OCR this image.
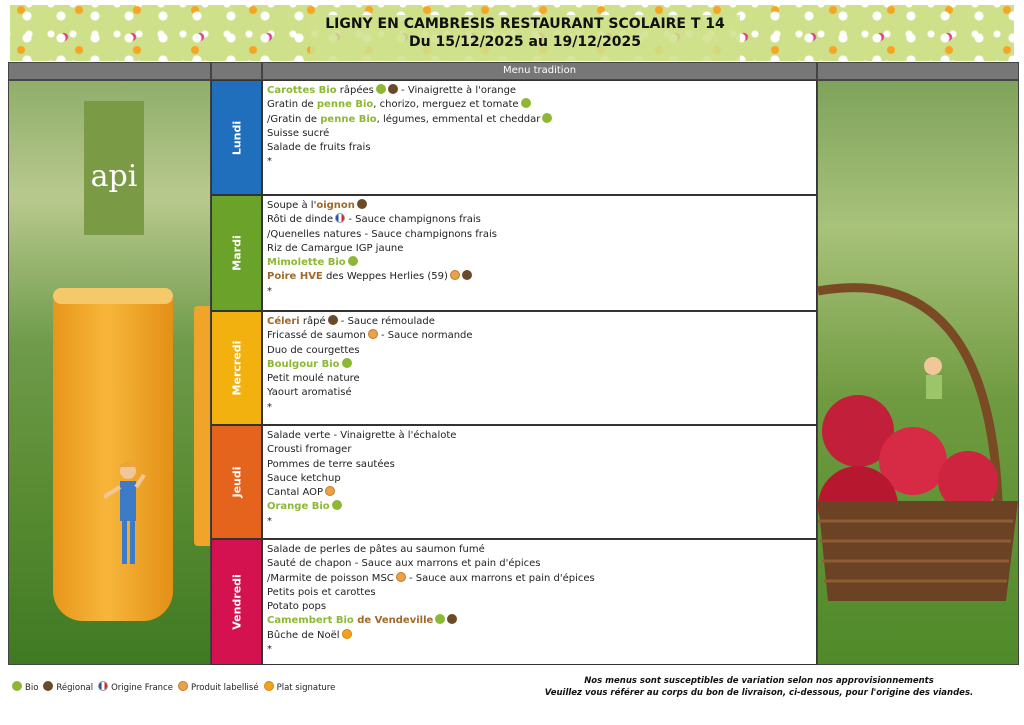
LIGNY EN CAMBRESIS RESTAURANT SCOLAIRE T 14
Du 15/12/2025 au 19/12/2025
Menu tradition
api
Lundi
Carottes Bio râpées - Vinaigrette à l'orange
Gratin de penne Bio, chorizo, merguez et tomate
/Gratin de penne Bio, légumes, emmental et cheddar
Suisse sucré
Salade de fruits frais
*
Mardi
Soupe à l'oignon
Rôti de dinde - Sauce champignons frais
/Quenelles natures - Sauce champignons frais
Riz de Camargue IGP jaune
Mimolette Bio
Poire HVE des Weppes Herlies (59)
*
Mercredi
Céleri râpé - Sauce rémoulade
Fricassé de saumon - Sauce normande
Duo de courgettes
Boulgour Bio
Petit moulé nature
Yaourt aromatisé
*
Jeudi
Salade verte - Vinaigrette à l'échalote
Crousti fromager
Pommes de terre sautées
Sauce ketchup
Cantal AOP
Orange Bio
*
Vendredi
Salade de perles de pâtes au saumon fumé
Sauté de chapon - Sauce aux marrons et pain d'épices
/Marmite de poisson MSC - Sauce aux marrons et pain d'épices
Petits pois et carottes
Potato pops
Camembert Bio de Vendeville
Bûche de Noël
*
Bio Régional Origine France Produit labellisé Plat signature
Nos menus sont susceptibles de variation selon nos approvisionnements
Veuillez vous référer au corps du bon de livraison, ci-dessous, pour l'origine des viandes.
